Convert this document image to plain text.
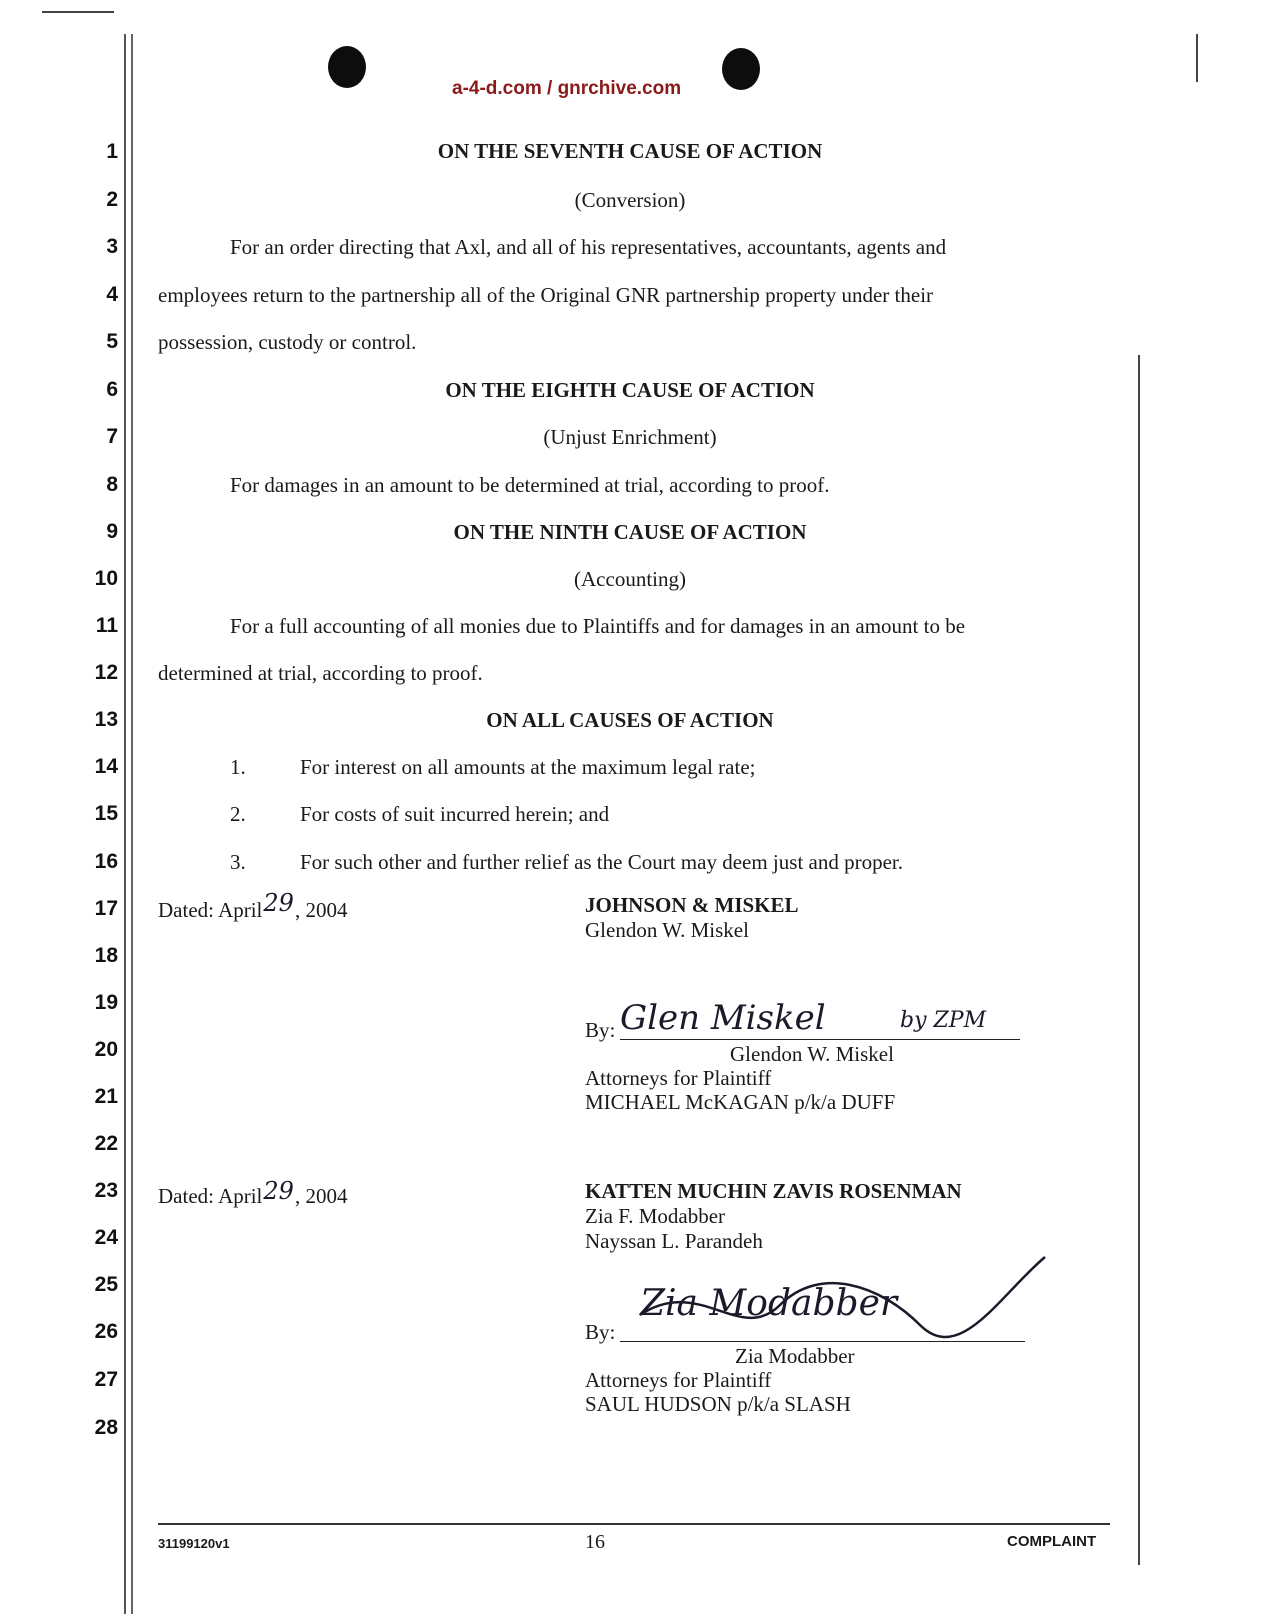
a-4-d.com / gnrchive.com
1
2
3
4
5
6
7
8
9
10
11
12
13
14
15
16
17
18
19
20
21
22
23
24
25
26
27
28
ON THE SEVENTH CAUSE OF ACTION
(Conversion)
For an order directing that Axl, and all of his representatives, accountants, agents and
employees return to the partnership all of the Original GNR partnership property under their
possession, custody or control.
ON THE EIGHTH CAUSE OF ACTION
(Unjust Enrichment)
For damages in an amount to be determined at trial, according to proof.
ON THE NINTH CAUSE OF ACTION
(Accounting)
For a full accounting of all monies due to Plaintiffs and for damages in an amount to be
determined at trial, according to proof.
ON ALL CAUSES OF ACTION
1.	For interest on all amounts at the maximum legal rate;
2.	For costs of suit incurred herein; and
3.	For such other and further relief as the Court may deem just and proper.
Dated: April29, 2004	JOHNSON & MISKEL
Glendon W. Miskel
By: Glen Miskel	by ZPM
Glendon W. Miskel
Attorneys for Plaintiff
MICHAEL McKAGAN p/k/a DUFF
Dated: April29, 2004	KATTEN MUCHIN ZAVIS ROSENMAN
Zia F. Modabber
Nayssan L. Parandeh
By:
Zia Modabber
Zia Modabber
Attorneys for Plaintiff
SAUL HUDSON p/k/a SLASH
31199120v1	16	COMPLAINT
